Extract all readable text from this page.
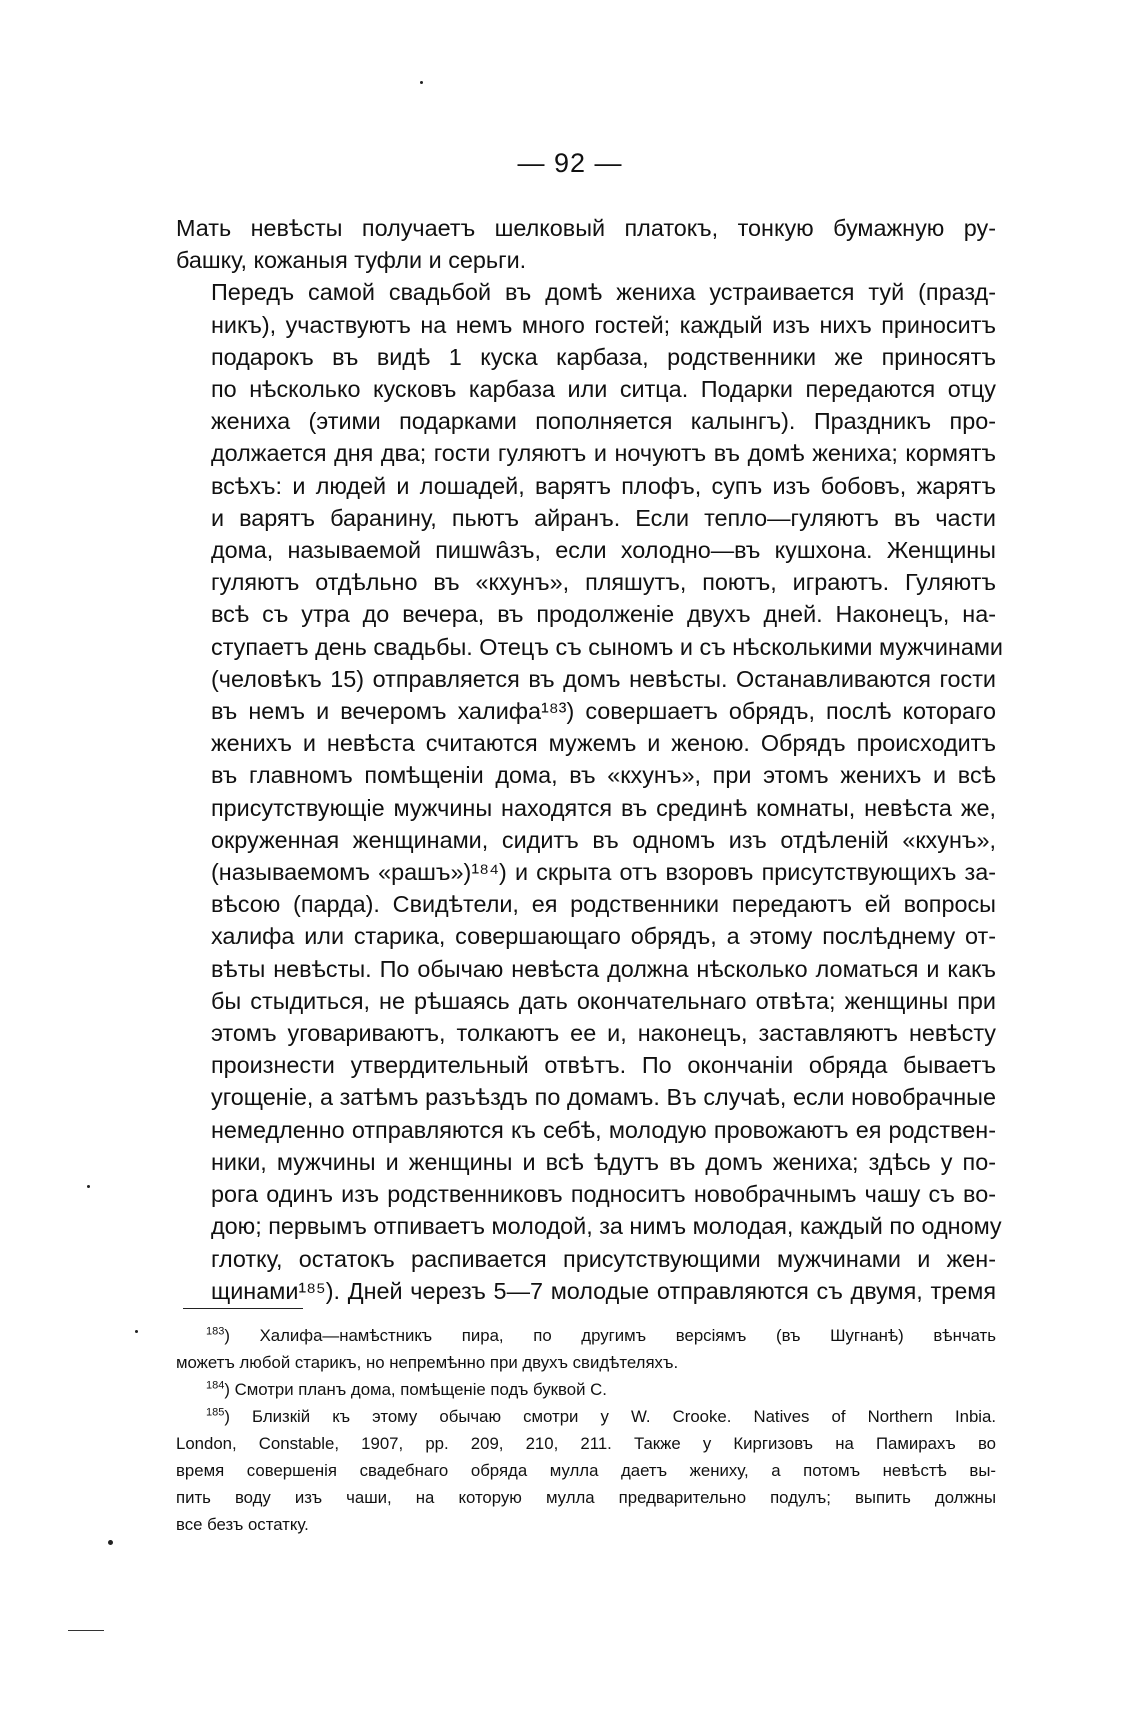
— 92 —

Мать невѣсты получаетъ шелковый платокъ, тонкую бумажную ру-
башку, кожаныя туфли и серьги.

Передъ самой свадьбой въ домѣ жениха устраивается туй (празд-
никъ), участвуютъ на немъ много гостей; каждый изъ нихъ приноситъ
подарокъ въ видѣ 1 куска карбаза, родственники же приносятъ
по нѣсколько кусковъ карбаза или ситца. Подарки передаются отцу
жениха (этими подарками пополняется калынгъ). Праздникъ про-
должается дня два; гости гуляютъ и ночуютъ въ домѣ жениха; кормятъ
всѣхъ: и людей и лошадей, варятъ плофъ, супъ изъ бобовъ, жарятъ
и варятъ баранину, пьютъ айранъ. Если тепло—гуляютъ въ части
дома, называемой пишwâзъ, если холодно—въ кушхона. Женщины
гуляютъ отдѣльно въ «кхунъ», пляшутъ, поютъ, играютъ. Гуляютъ
всѣ съ утра до вечера, въ продолженіе двухъ дней. Наконецъ, на-
ступаетъ день свадьбы. Отецъ съ сыномъ и съ нѣсколькими мужчинами
(человѣкъ 15) отправляется въ домъ невѣсты. Останавливаются гости
въ немъ и вечеромъ халифа¹⁸³) совершаетъ обрядъ, послѣ котораго
женихъ и невѣста считаются мужемъ и женою. Обрядъ происходитъ
въ главномъ помѣщеніи дома, въ «кхунъ», при этомъ женихъ и всѣ
присутствующіе мужчины находятся въ срединѣ комнаты, невѣста же,
окруженная женщинами, сидитъ въ одномъ изъ отдѣленій «кхунъ»,
(называемомъ «рашъ»)¹⁸⁴) и скрыта отъ взоровъ присутствующихъ за-
вѣсою (парда). Свидѣтели, ея родственники передаютъ ей вопросы
халифа или старика, совершающаго обрядъ, а этому послѣднему от-
вѣты невѣсты. По обычаю невѣста должна нѣсколько ломаться и какъ
бы стыдиться, не рѣшаясь дать окончательнаго отвѣта; женщины при
этомъ уговариваютъ, толкаютъ ее и, наконецъ, заставляютъ невѣсту
произнести утвердительный отвѣтъ. По окончаніи обряда бываетъ
угощеніе, а затѣмъ разъѣздъ по домамъ. Въ случаѣ, если новобрачные
немедленно отправляются къ себѣ, молодую провожаютъ ея родствен-
ники, мужчины и женщины и всѣ ѣдутъ въ домъ жениха; здѣсь у по-
рога одинъ изъ родственниковъ подноситъ новобрачнымъ чашу съ во-
дою; первымъ отпиваетъ молодой, за нимъ молодая, каждый по одному
глотку, остатокъ распивается присутствующими мужчинами и жен-
щинами¹⁸⁵). Дней черезъ 5—7 молодые отправляются съ двумя, тремя

$^{183}$) Халифа—намѣстникъ пира, по другимъ версіямъ (въ Шугнанѣ) вѣнчать
можетъ любой старикъ, но непремѣнно при двухъ свидѣтеляхъ.
$^{184}$) Смотри планъ дома, помѣщеніе подъ буквой С.
$^{185}$) Близкій къ этому обычаю смотри у W. Crooke. Natives of Northern Inbia.
London, Constable, 1907, pp. 209, 210, 211. Также у Киргизовъ на Памирахъ во
время совершенія свадебнаго обряда мулла даетъ жениху, а потомъ невѣстѣ вы-
пить воду изъ чаши, на которую мулла предварительно подулъ; выпить должны
все безъ остатку.
